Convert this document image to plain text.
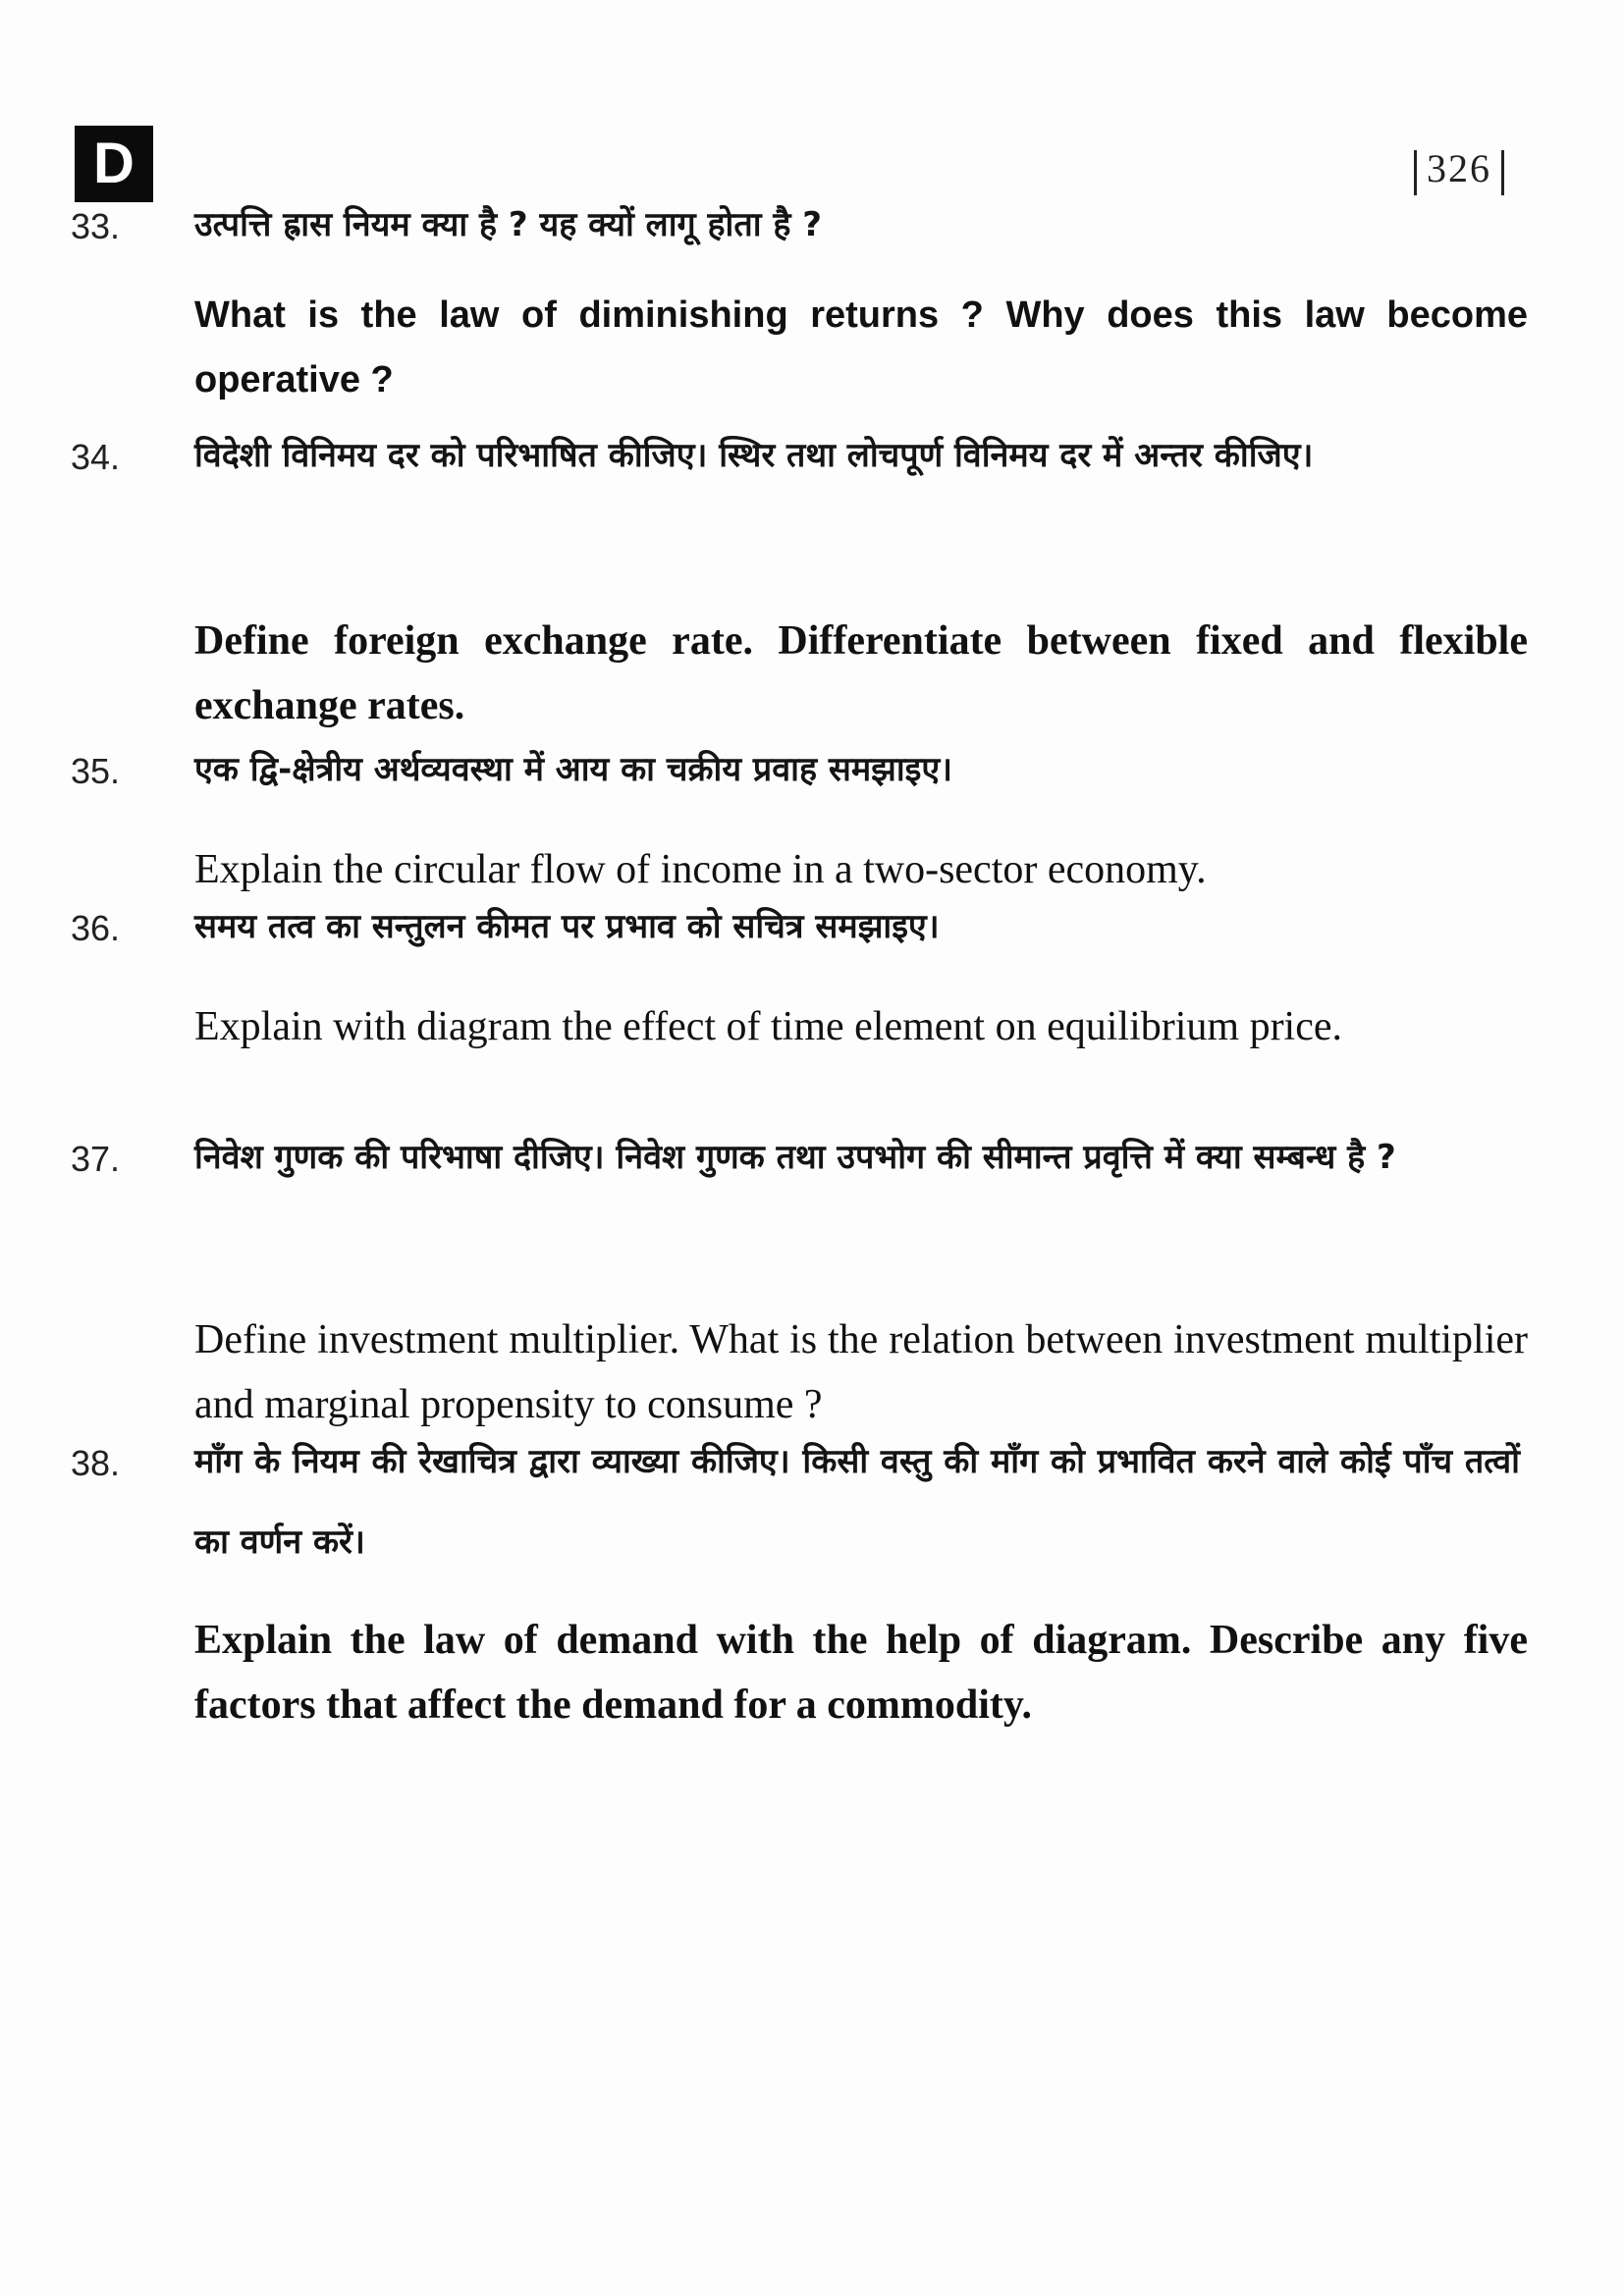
D	326
33. उत्पत्ति ह्रास नियम क्या है ? यह क्यों लागू होता है ?
What is the law of diminishing returns ? Why does this law become operative ?
34. विदेशी विनिमय दर को परिभाषित कीजिए। स्थिर तथा लोचपूर्ण विनिमय दर में अन्तर कीजिए।
Define foreign exchange rate. Differentiate between fixed and flexible exchange rates.
35. एक द्वि-क्षेत्रीय अर्थव्यवस्था में आय का चक्रीय प्रवाह समझाइए।
Explain the circular flow of income in a two-sector economy.
36. समय तत्व का सन्तुलन कीमत पर प्रभाव को सचित्र समझाइए।
Explain with diagram the effect of time element on equilibrium price.
37. निवेश गुणक की परिभाषा दीजिए। निवेश गुणक तथा उपभोग की सीमान्त प्रवृत्ति में क्या सम्बन्ध है ?
Define investment multiplier. What is the relation between investment multiplier and marginal propensity to consume ?
38. माँग के नियम की रेखाचित्र द्वारा व्याख्या कीजिए। किसी वस्तु की माँग को प्रभावित करने वाले कोई पाँच तत्वों का वर्णन करें।
Explain the law of demand with the help of diagram. Describe any five factors that affect the demand for a commodity.
